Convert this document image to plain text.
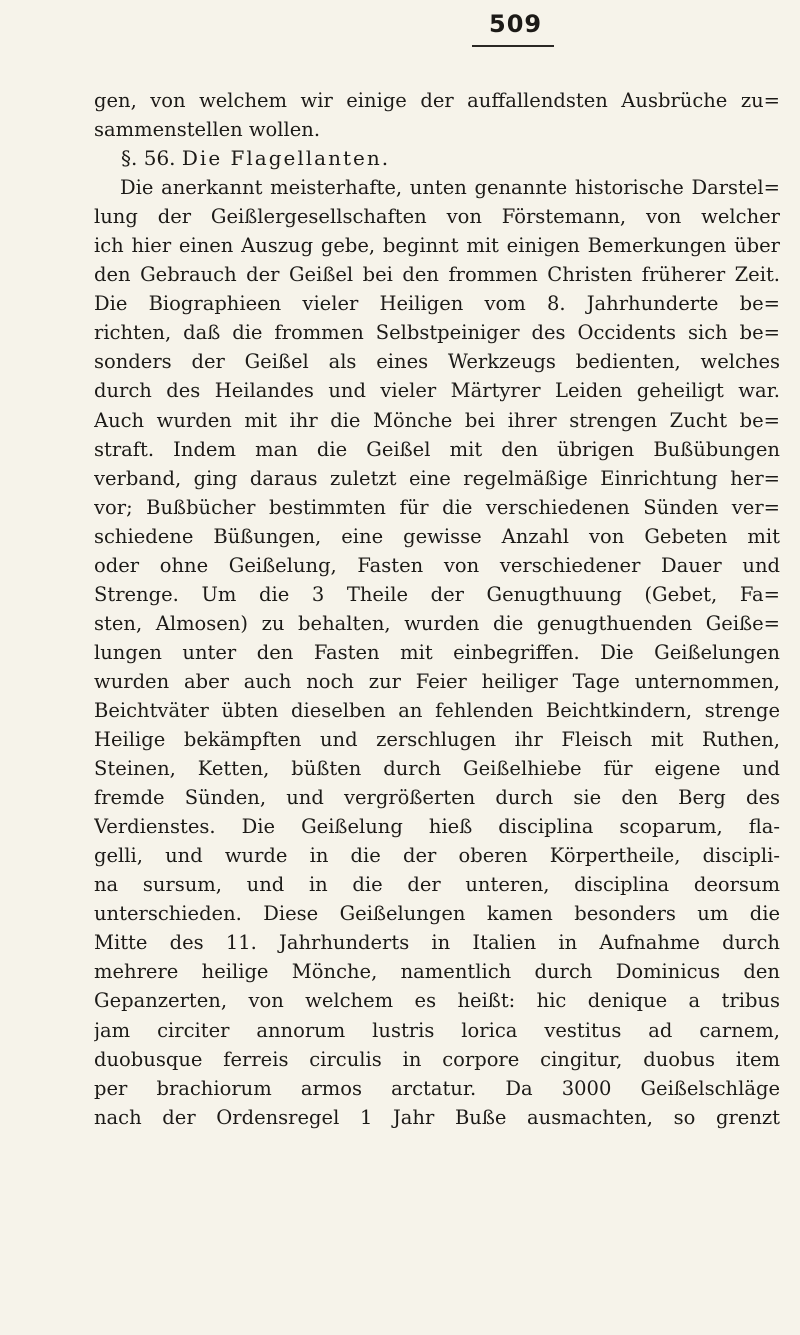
509
gen, von welchem wir einige der auffallendsten Ausbrüche zu=
sammenstellen wollen.
§. 56. Die Flagellanten.
Die anerkannt meisterhafte, unten genannte historische Darstel=
lung der Geißlergesellschaften von Förstemann, von welcher
ich hier einen Auszug gebe, beginnt mit einigen Bemerkungen über
den Gebrauch der Geißel bei den frommen Christen früherer Zeit.
Die Biographieen vieler Heiligen vom 8. Jahrhunderte be=
richten, daß die frommen Selbstpeiniger des Occidents sich be=
sonders der Geißel als eines Werkzeugs bedienten, welches
durch des Heilandes und vieler Märtyrer Leiden geheiligt war.
Auch wurden mit ihr die Mönche bei ihrer strengen Zucht be=
straft. Indem man die Geißel mit den übrigen Bußübungen
verband, ging daraus zuletzt eine regelmäßige Einrichtung her=
vor; Bußbücher bestimmten für die verschiedenen Sünden ver=
schiedene Büßungen, eine gewisse Anzahl von Gebeten mit
oder ohne Geißelung, Fasten von verschiedener Dauer und
Strenge. Um die 3 Theile der Genugthuung (Gebet, Fa=
sten, Almosen) zu behalten, wurden die genugthuenden Geiße=
lungen unter den Fasten mit einbegriffen. Die Geißelungen
wurden aber auch noch zur Feier heiliger Tage unternommen,
Beichtväter übten dieselben an fehlenden Beichtkindern, strenge
Heilige bekämpften und zerschlugen ihr Fleisch mit Ruthen,
Steinen, Ketten, büßten durch Geißelhiebe für eigene und
fremde Sünden, und vergrößerten durch sie den Berg des
Verdienstes. Die Geißelung hieß disciplina scoparum, fla-
gelli, und wurde in die der oberen Körpertheile, discipli-
na sursum, und in die der unteren, disciplina deorsum
unterschieden. Diese Geißelungen kamen besonders um die
Mitte des 11. Jahrhunderts in Italien in Aufnahme durch
mehrere heilige Mönche, namentlich durch Dominicus den
Gepanzerten, von welchem es heißt: hic denique a tribus
jam circiter annorum lustris lorica vestitus ad carnem,
duobusque ferreis circulis in corpore cingitur, duobus item
per brachiorum armos arctatur. Da 3000 Geißelschläge
nach der Ordensregel 1 Jahr Buße ausmachten, so grenzt
